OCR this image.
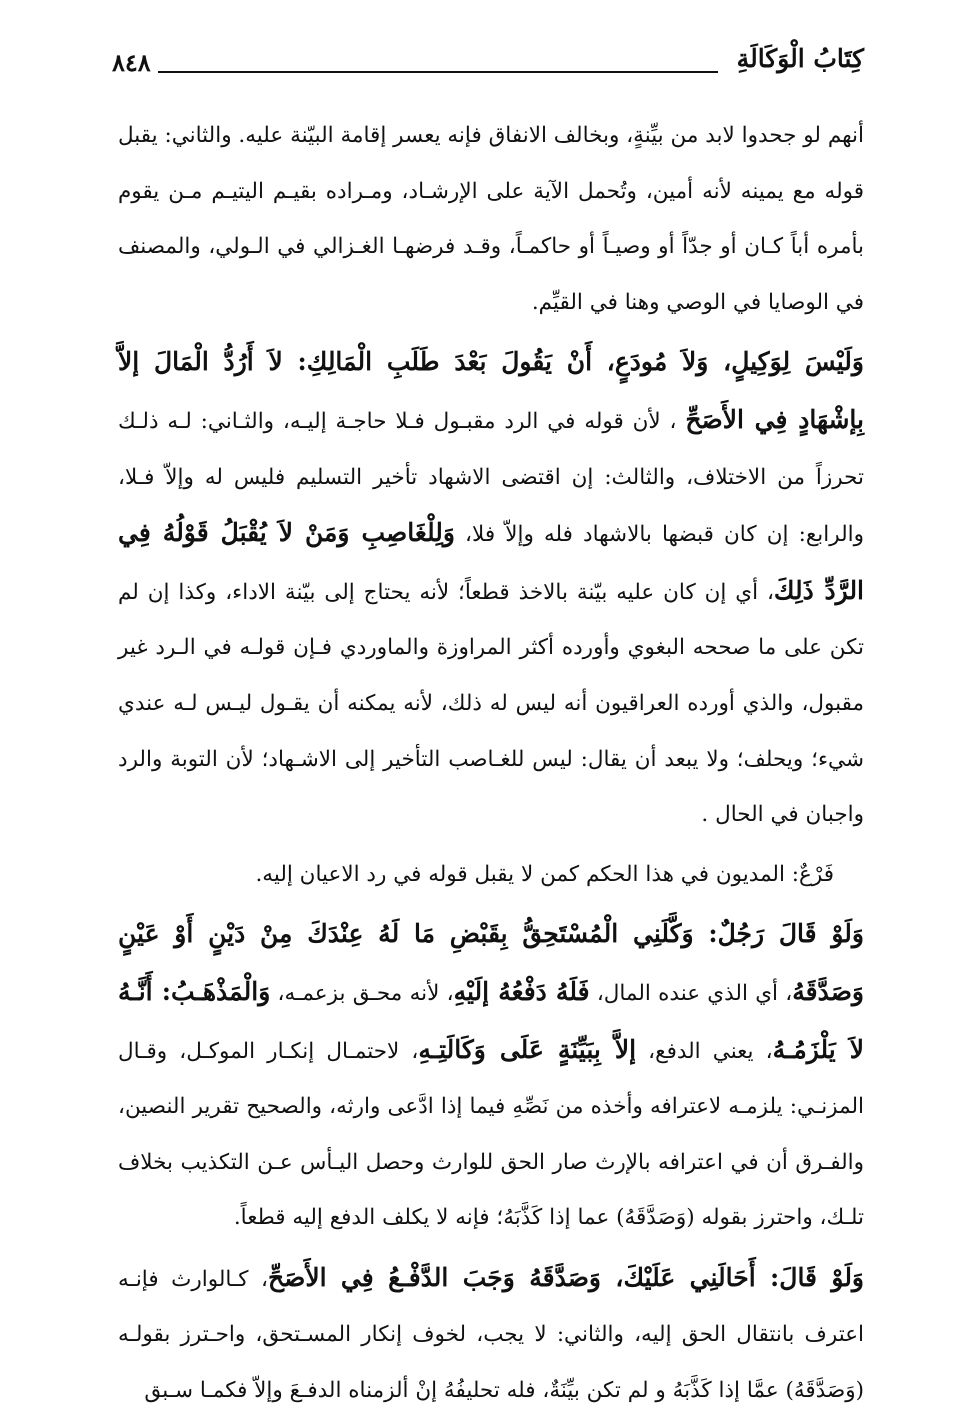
كِتَابُ الْوَكَالَةِ
٨٤٨

أنهم لو جحدوا لابد من بيِّنةٍ، وبخالف الانفاق فإنه يعسر إقامة البيّنة عليه. والثاني: يقبل قوله مع يمينه لأنه أمين، وتُحمل الآية على الإرشـاد، ومـراده بقيـم اليتيـم مـن يقوم بأمره أباً كـان أو جدّاً أو وصيـاً أو حاكمـاً، وقـد فرضهـا الغـزالي في الـولي، والمصنف في الوصايا في الوصي وهنا في القيِّم.

وَلَيْسَ لِوَكِيلٍ، وَلاَ مُودَعٍ، أَنْ يَقُولَ بَعْدَ طَلَبِ الْمَالِكِ: لاَ أَرُدُّ الْمَالَ إلاَّ بِإشْهَادٍ فِي الأَصَحِّ ، لأن قوله في الرد مقبـول فـلا حاجـة إليـه، والثـاني: لـه ذلـك تحرزاً من الاختلاف، والثالث: إن اقتضى الاشهاد تأخير التسليم فليس له وإلاّ فـلا، والرابع: إن كان قبضها بالاشهاد فله وإلاّ فلا، وَلِلْغَاصِبِ وَمَنْ لاَ يُقْبَلُ قَوْلُهُ فِي الرَّدِّ ذَلِكَ، أي إن كان عليه بيّنة بالاخذ قطعاً؛ لأنه يحتاج إلى بيّنة الاداء، وكذا إن لم تكن على ما صححه البغوي وأورده أكثر المراوزة والماوردي فـإن قولـه في الـرد غير مقبول، والذي أورده العراقيون أنه ليس له ذلك، لأنه يمكنه أن يقـول ليـس لـه عندي شيء؛ ويحلف؛ ولا يبعد أن يقال: ليس للغـاصب التأخير إلى الاشـهاد؛ لأن التوبة والرد واجبان في الحال .

فَرْعٌ: المديون في هذا الحكم كمن لا يقبل قوله في رد الاعيان إليه.

وَلَوْ قَالَ رَجُلٌ: وَكَّلَنِي الْمُسْتَحِقُّ بِقَبْضِ مَا لَهُ عِنْدَكَ مِنْ دَيْنٍ أَوْ عَيْنٍ وَصَدَّقَهُ، أي الذي عنده المال، فَلَهُ دَفْعُهُ إلَيْهِ، لأنه محـق بزعمـه، وَالْمَذْهَـبُ: أَنَّـهُ لاَ يَلْزَمُـهُ، يعني الدفع، إلاَّ بِبَيِّنَةٍ عَلَى وَكَالَتِـهِ، لاحتمـال إنكـار الموكـل، وقـال المزنـي: يلزمـه لاعترافه وأخذه من نَصِّهِ فيما إذا ادَّعى وارثه، والصحيح تقرير النصين، والفـرق أن في اعترافه بالإرث صار الحق للوارث وحصل اليـأس عـن التكذيب بخلاف تلـك، واحترز بقوله (وَصَدَّقَهُ) عما إذا كَذَّبَهُ؛ فإنه لا يكلف الدفع إليه قطعاً.

وَلَوْ قَالَ: أَحَالَنِي عَلَيْكَ، وَصَدَّقَهُ وَجَبَ الدَّفْـعُ فِي الأَصَحِّ، كـالوارث فإنـه اعترف بانتقال الحق إليه، والثاني: لا يجب، لخوف إنكار المسـتحق، واحـترز بقولـه (وَصَدَّقَهُ) عمَّا إذا كَذَّبَهُ و لم تكن بيِّنَةٌ، فله تحليفُهُ إنْ ألزمناه الدفـعَ وإلاّ فكمـا سـبق
